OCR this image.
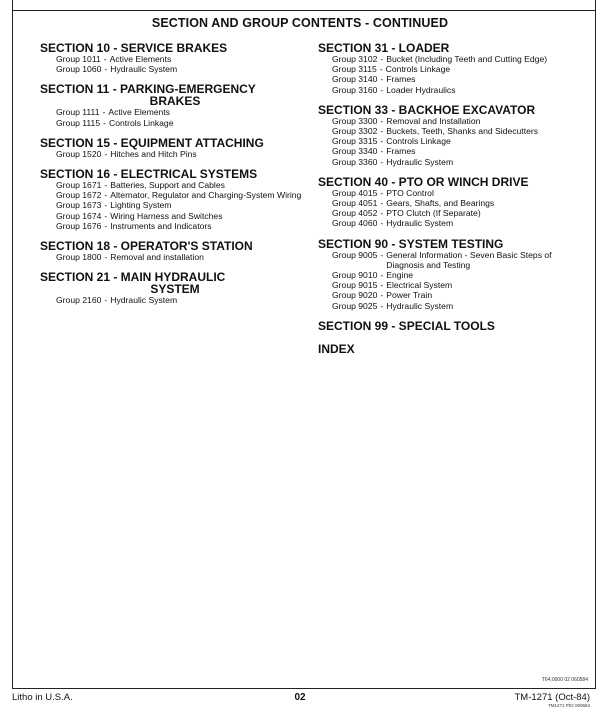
SECTION AND GROUP CONTENTS - CONTINUED
SECTION 10 - SERVICE BRAKES
Group 1011 - Active Elements
Group 1060 - Hydraulic System
SECTION 11 - PARKING-EMERGENCY
BRAKES
Group 1111 - Active Elements
Group 1115 - Controls Linkage
SECTION 15 - EQUIPMENT ATTACHING
Group 1520 - Hitches and Hitch Pins
SECTION 16 - ELECTRICAL SYSTEMS
Group 1671 - Batteries, Support and Cables
Group 1672 - Alternator, Regulator and Charging-System Wiring
Group 1673 - Lighting System
Group 1674 - Wiring Harness and Switches
Group 1676 - Instruments and Indicators
SECTION 18 - OPERATOR'S STATION
Group 1800 - Removal and installation
SECTION 21 - MAIN HYDRAULIC
SYSTEM
Group 2160 - Hydraulic System
SECTION 31 - LOADER
Group 3102 - Bucket (Including Teeth and Cutting Edge)
Group 3115 - Controls Linkage
Group 3140 - Frames
Group 3160 - Loader Hydraulics
SECTION 33 - BACKHOE EXCAVATOR
Group 3300 - Removal and Installation
Group 3302 - Buckets, Teeth, Shanks and Sidecutters
Group 3315 - Controls Linkage
Group 3340 - Frames
Group 3360 - Hydraulic System
SECTION 40 - PTO OR WINCH DRIVE
Group 4015 - PTO Control
Group 4051 - Gears, Shafts, and Bearings
Group 4052 - PTO Clutch (If Separate)
Group 4060 - Hydraulic System
SECTION 90 - SYSTEM TESTING
Group 9005 - General Information - Seven Basic Steps of Diagnosis and Testing
Group 9010 - Engine
Group 9015 - Electrical System
Group 9020 - Power Train
Group 9025 - Hydraulic System
SECTION 99 - SPECIAL TOOLS
INDEX
T64;0000 02 060584
Litho in U.S.A.	02	TM-1271 (Oct-84)
TM1271 P02 060584
